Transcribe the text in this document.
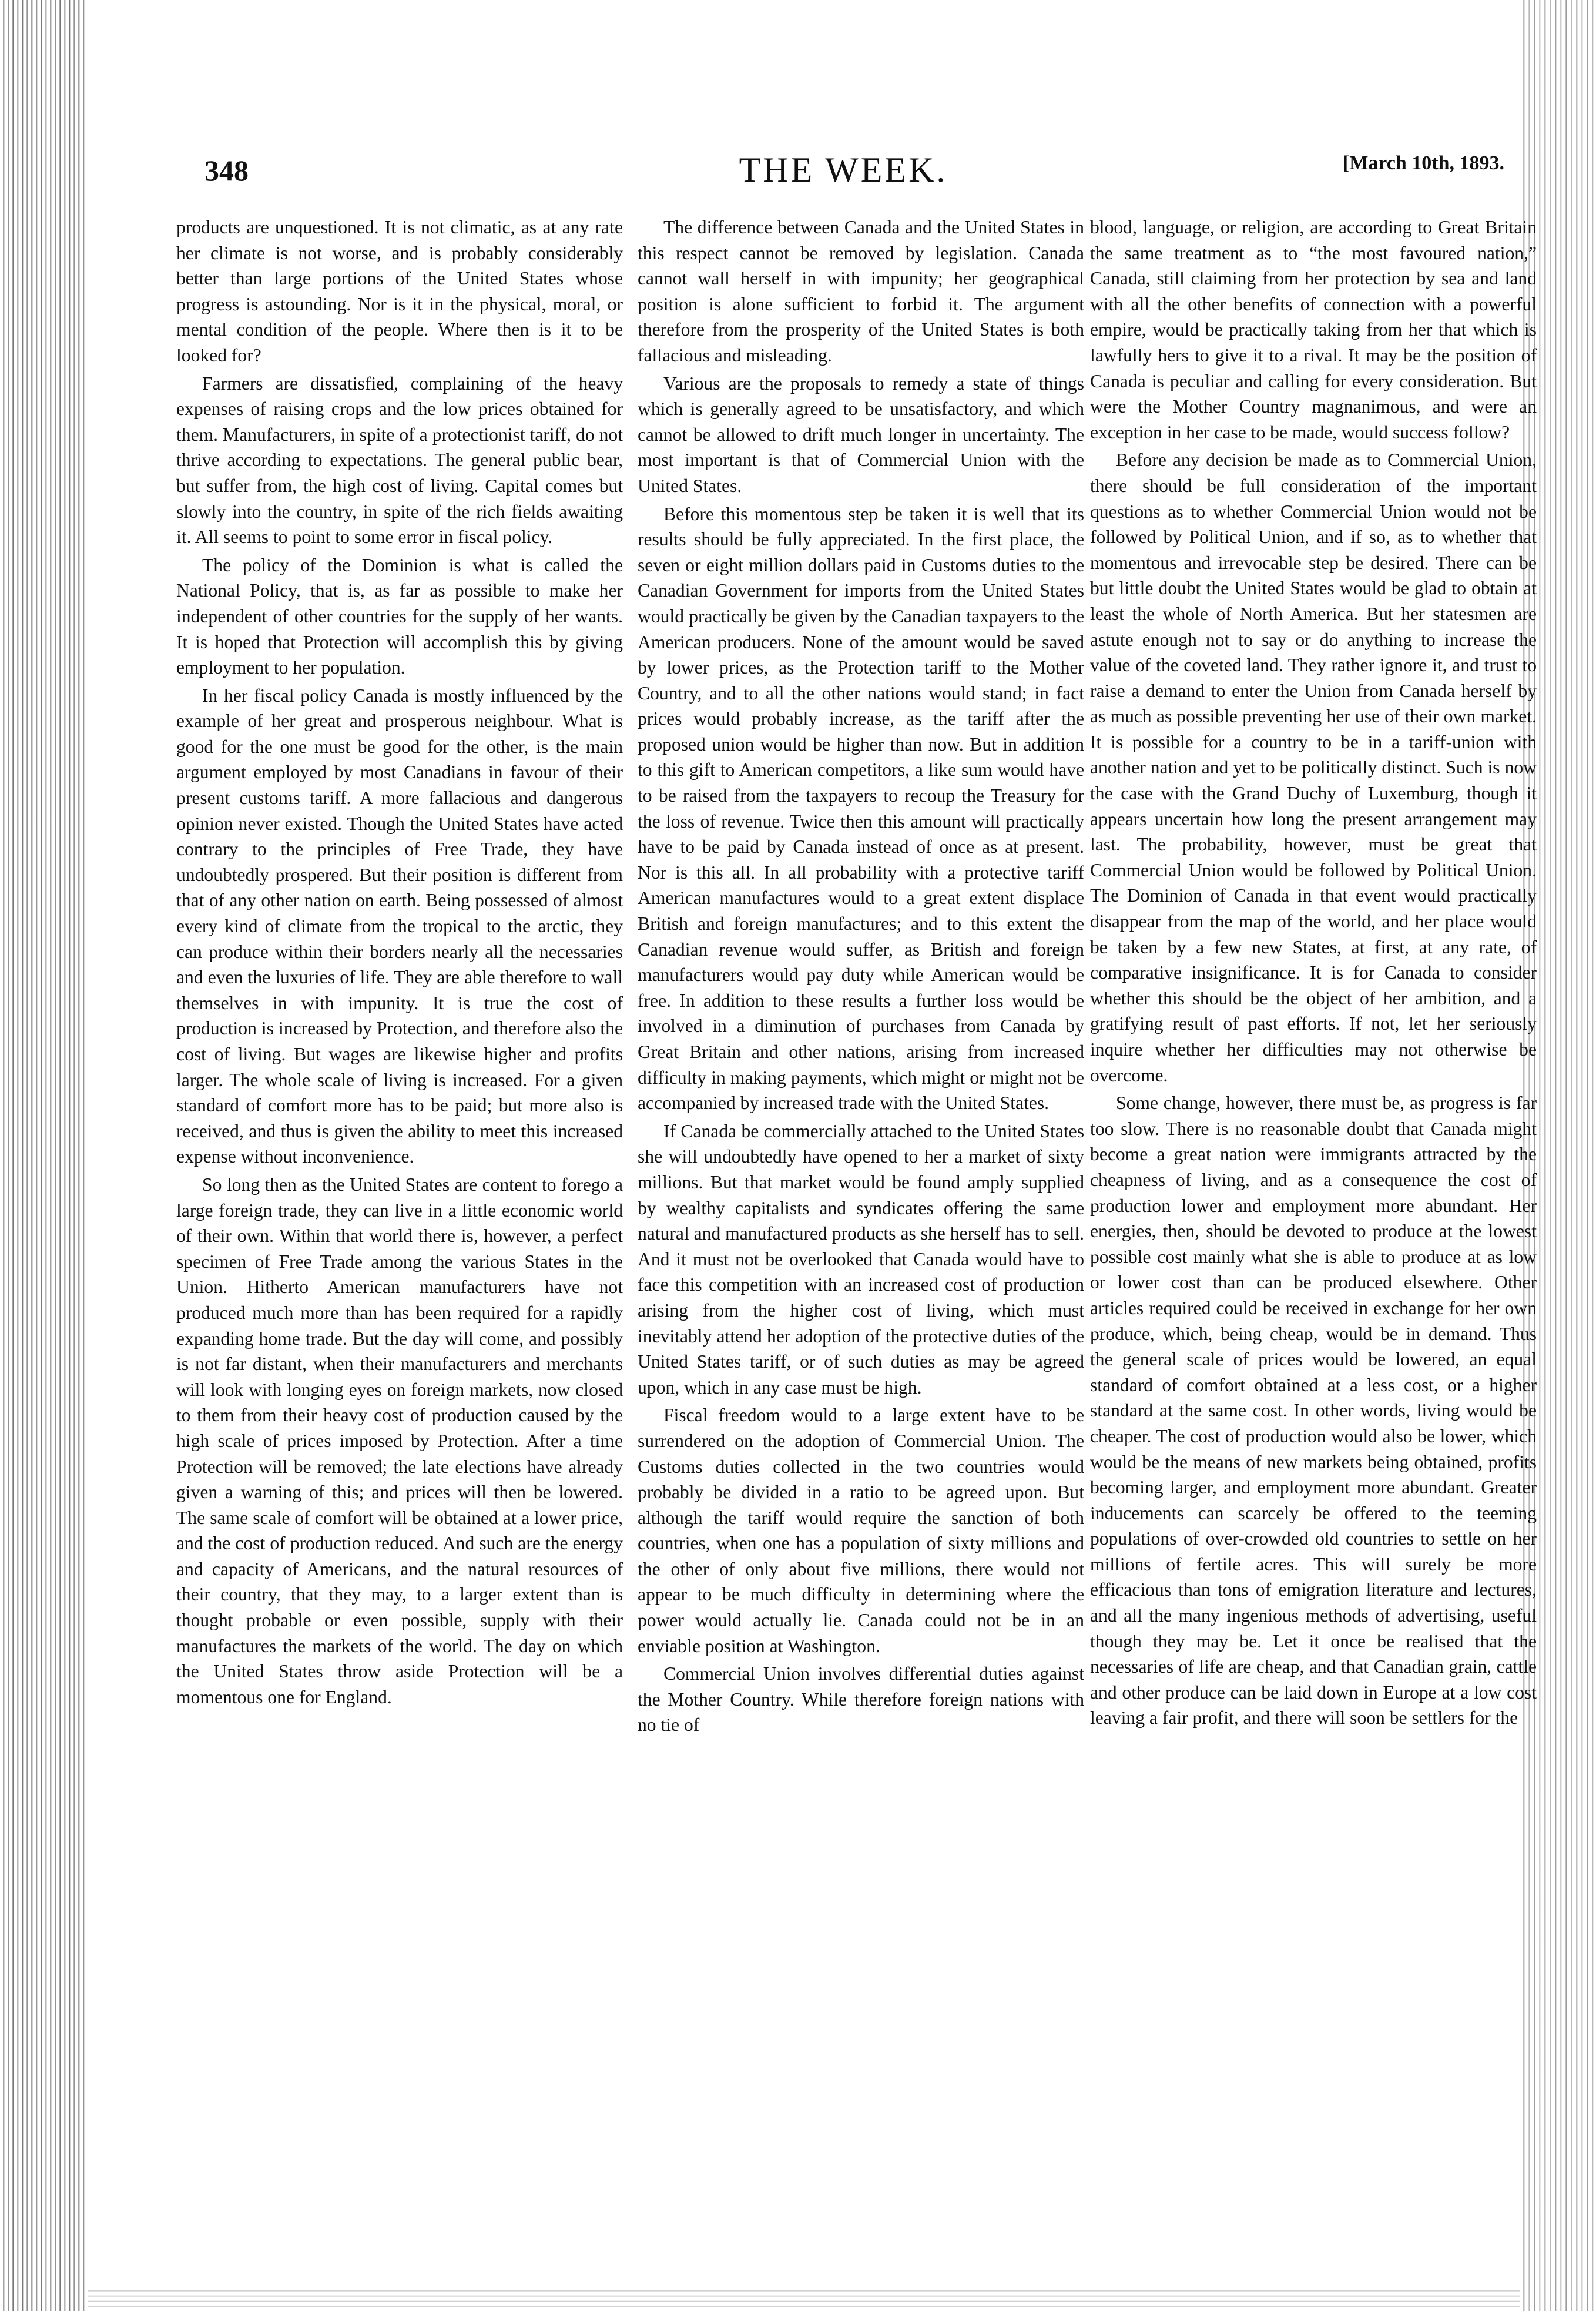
348	THE WEEK.	[March 10th, 1893.

products are unquestioned. It is not climatic, as at any rate her climate is not worse, and is probably considerably better than large portions of the United States whose progress is astounding. Nor is it in the physical, moral, or mental condition of the people. Where then is it to be looked for?

Farmers are dissatisfied, complaining of the heavy expenses of raising crops and the low prices obtained for them. Manufacturers, in spite of a protectionist tariff, do not thrive according to expectations. The general public bear, but suffer from, the high cost of living. Capital comes but slowly into the country, in spite of the rich fields awaiting it. All seems to point to some error in fiscal policy.

The policy of the Dominion is what is called the National Policy, that is, as far as possible to make her independent of other countries for the supply of her wants. It is hoped that Protection will accomplish this by giving employment to her population.

In her fiscal policy Canada is mostly influenced by the example of her great and prosperous neighbour. What is good for the one must be good for the other, is the main argument employed by most Canadians in favour of their present customs tariff. A more fallacious and dangerous opinion never existed. Though the United States have acted contrary to the principles of Free Trade, they have undoubtedly prospered. But their position is different from that of any other nation on earth. Being possessed of almost every kind of climate from the tropical to the arctic, they can produce within their borders nearly all the necessaries and even the luxuries of life. They are able therefore to wall themselves in with impunity. It is true the cost of production is increased by Protection, and therefore also the cost of living. But wages are likewise higher and profits larger. The whole scale of living is increased. For a given standard of comfort more has to be paid; but more also is received, and thus is given the ability to meet this increased expense without inconvenience.

So long then as the United States are content to forego a large foreign trade, they can live in a little economic world of their own. Within that world there is, however, a perfect specimen of Free Trade among the various States in the Union. Hitherto American manufacturers have not produced much more than has been required for a rapidly expanding home trade. But the day will come, and possibly is not far distant, when their manufacturers and merchants will look with longing eyes on foreign markets, now closed to them from their heavy cost of production caused by the high scale of prices imposed by Protection. After a time Protection will be removed; the late elections have already given a warning of this; and prices will then be lowered. The same scale of comfort will be obtained at a lower price, and the cost of production reduced. And such are the energy and capacity of Americans, and the natural resources of their country, that they may, to a larger extent than is thought probable or even possible, supply with their manufactures the markets of the world. The day on which the United States throw aside Protection will be a momentous one for England.

The difference between Canada and the United States in this respect cannot be removed by legislation. Canada cannot wall herself in with impunity; her geographical position is alone sufficient to forbid it. The argument therefore from the prosperity of the United States is both fallacious and misleading.

Various are the proposals to remedy a state of things which is generally agreed to be unsatisfactory, and which cannot be allowed to drift much longer in uncertainty. The most important is that of Commercial Union with the United States.

Before this momentous step be taken it is well that its results should be fully appreciated. In the first place, the seven or eight million dollars paid in Customs duties to the Canadian Government for imports from the United States would practically be given by the Canadian taxpayers to the American producers. None of the amount would be saved by lower prices, as the Protection tariff to the Mother Country, and to all the other nations would stand; in fact prices would probably increase, as the tariff after the proposed union would be higher than now. But in addition to this gift to American competitors, a like sum would have to be raised from the taxpayers to recoup the Treasury for the loss of revenue. Twice then this amount will practically have to be paid by Canada instead of once as at present. Nor is this all. In all probability with a protective tariff American manufactures would to a great extent displace British and foreign manufactures; and to this extent the Canadian revenue would suffer, as British and foreign manufacturers would pay duty while American would be free. In addition to these results a further loss would be involved in a diminution of purchases from Canada by Great Britain and other nations, arising from increased difficulty in making payments, which might or might not be accompanied by increased trade with the United States.

If Canada be commercially attached to the United States she will undoubtedly have opened to her a market of sixty millions. But that market would be found amply supplied by wealthy capitalists and syndicates offering the same natural and manufactured products as she herself has to sell. And it must not be overlooked that Canada would have to face this competition with an increased cost of production arising from the higher cost of living, which must inevitably attend her adoption of the protective duties of the United States tariff, or of such duties as may be agreed upon, which in any case must be high.

Fiscal freedom would to a large extent have to be surrendered on the adoption of Commercial Union. The Customs duties collected in the two countries would probably be divided in a ratio to be agreed upon. But although the tariff would require the sanction of both countries, when one has a population of sixty millions and the other of only about five millions, there would not appear to be much difficulty in determining where the power would actually lie. Canada could not be in an enviable position at Washington.

Commercial Union involves differential duties against the Mother Country. While therefore foreign nations with no tie of

blood, language, or religion, are according to Great Britain the same treatment as to “the most favoured nation,” Canada, still claiming from her protection by sea and land with all the other benefits of connection with a powerful empire, would be practically taking from her that which is lawfully hers to give it to a rival. It may be the position of Canada is peculiar and calling for every consideration. But were the Mother Country magnanimous, and were an exception in her case to be made, would success follow?

Before any decision be made as to Commercial Union, there should be full consideration of the important questions as to whether Commercial Union would not be followed by Political Union, and if so, as to whether that momentous and irrevocable step be desired. There can be but little doubt the United States would be glad to obtain at least the whole of North America. But her statesmen are astute enough not to say or do anything to increase the value of the coveted land. They rather ignore it, and trust to raise a demand to enter the Union from Canada herself by as much as possible preventing her use of their own market. It is possible for a country to be in a tariff-union with another nation and yet to be politically distinct. Such is now the case with the Grand Duchy of Luxemburg, though it appears uncertain how long the present arrangement may last. The probability, however, must be great that Commercial Union would be followed by Political Union. The Dominion of Canada in that event would practically disappear from the map of the world, and her place would be taken by a few new States, at first, at any rate, of comparative insignificance. It is for Canada to consider whether this should be the object of her ambition, and a gratifying result of past efforts. If not, let her seriously inquire whether her difficulties may not otherwise be overcome.

Some change, however, there must be, as progress is far too slow. There is no reasonable doubt that Canada might become a great nation were immigrants attracted by the cheapness of living, and as a consequence the cost of production lower and employment more abundant. Her energies, then, should be devoted to produce at the lowest possible cost mainly what she is able to produce at as low or lower cost than can be produced elsewhere. Other articles required could be received in exchange for her own produce, which, being cheap, would be in demand. Thus the general scale of prices would be lowered, an equal standard of comfort obtained at a less cost, or a higher standard at the same cost. In other words, living would be cheaper. The cost of production would also be lower, which would be the means of new markets being obtained, profits becoming larger, and employment more abundant. Greater inducements can scarcely be offered to the teeming populations of over-crowded old countries to settle on her millions of fertile acres. This will surely be more efficacious than tons of emigration literature and lectures, and all the many ingenious methods of advertising, useful though they may be. Let it once be realised that the necessaries of life are cheap, and that Canadian grain, cattle and other produce can be laid down in Europe at a low cost leaving a fair profit, and there will soon be settlers for the
